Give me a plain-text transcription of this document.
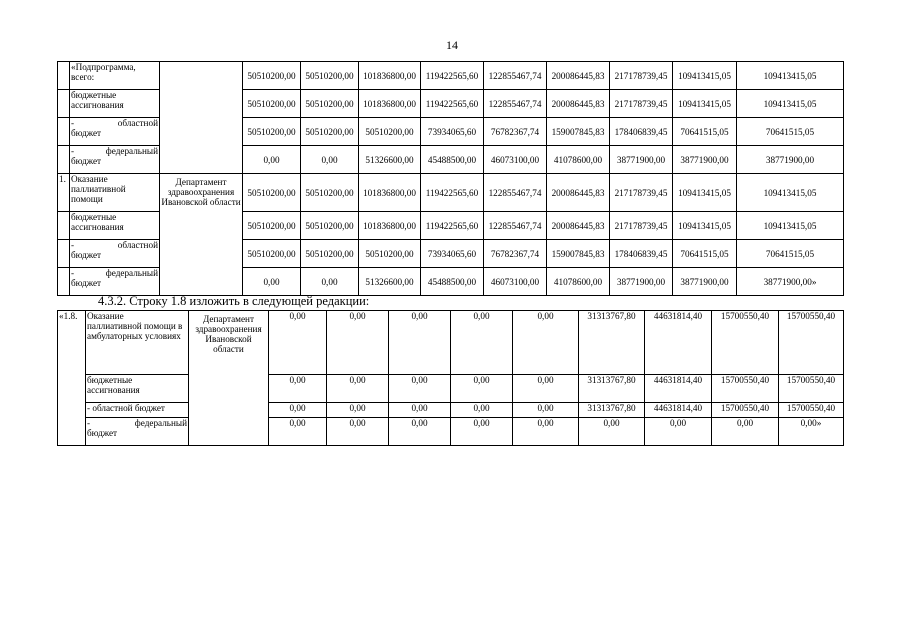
14
	«Подпрограмма, всего:		50510200,00	50510200,00	101836800,00	119422565,60	122855467,74	200086445,83	217178739,45	109413415,05	109413415,05
	бюджетные ассигнования		50510200,00	50510200,00	101836800,00	119422565,60	122855467,74	200086445,83	217178739,45	109413415,05	109413415,05

	- областной
бюджет		50510200,00	50510200,00	50510200,00	73934065,60	76782367,74	159007845,83	178406839,45	70641515,05	70641515,05

	- федеральный
бюджет		0,00	0,00	51326600,00	45488500,00	46073100,00	41078600,00	38771900,00	38771900,00	38771900,00
1.	Оказание паллиативной помощи	Департамент здравоохранения Ивановской области	50510200,00	50510200,00	101836800,00	119422565,60	122855467,74	200086445,83	217178739,45	109413415,05	109413415,05
	бюджетные ассигнования		50510200,00	50510200,00	101836800,00	119422565,60	122855467,74	200086445,83	217178739,45	109413415,05	109413415,05

	- областной
бюджет		50510200,00	50510200,00	50510200,00	73934065,60	76782367,74	159007845,83	178406839,45	70641515,05	70641515,05

	- федеральный
бюджет		0,00	0,00	51326600,00	45488500,00	46073100,00	41078600,00	38771900,00	38771900,00	38771900,00»
4.3.2. Строку 1.8 изложить в следующей редакции:
«1.8.	Оказание
паллиативной помощи в амбулаторных условиях	Департамент здравоохранения Ивановской области	0,00	0,00	0,00	0,00	0,00	31313767,80	44631814,40	15700550,40	15700550,40
	бюджетные ассигнования		0,00	0,00	0,00	0,00	0,00	31313767,80	44631814,40	15700550,40	15700550,40
	- областной бюджет		0,00	0,00	0,00	0,00	0,00	31313767,80	44631814,40	15700550,40	15700550,40

	- федеральный
бюджет		0,00	0,00	0,00	0,00	0,00	0,00	0,00	0,00	0,00»
